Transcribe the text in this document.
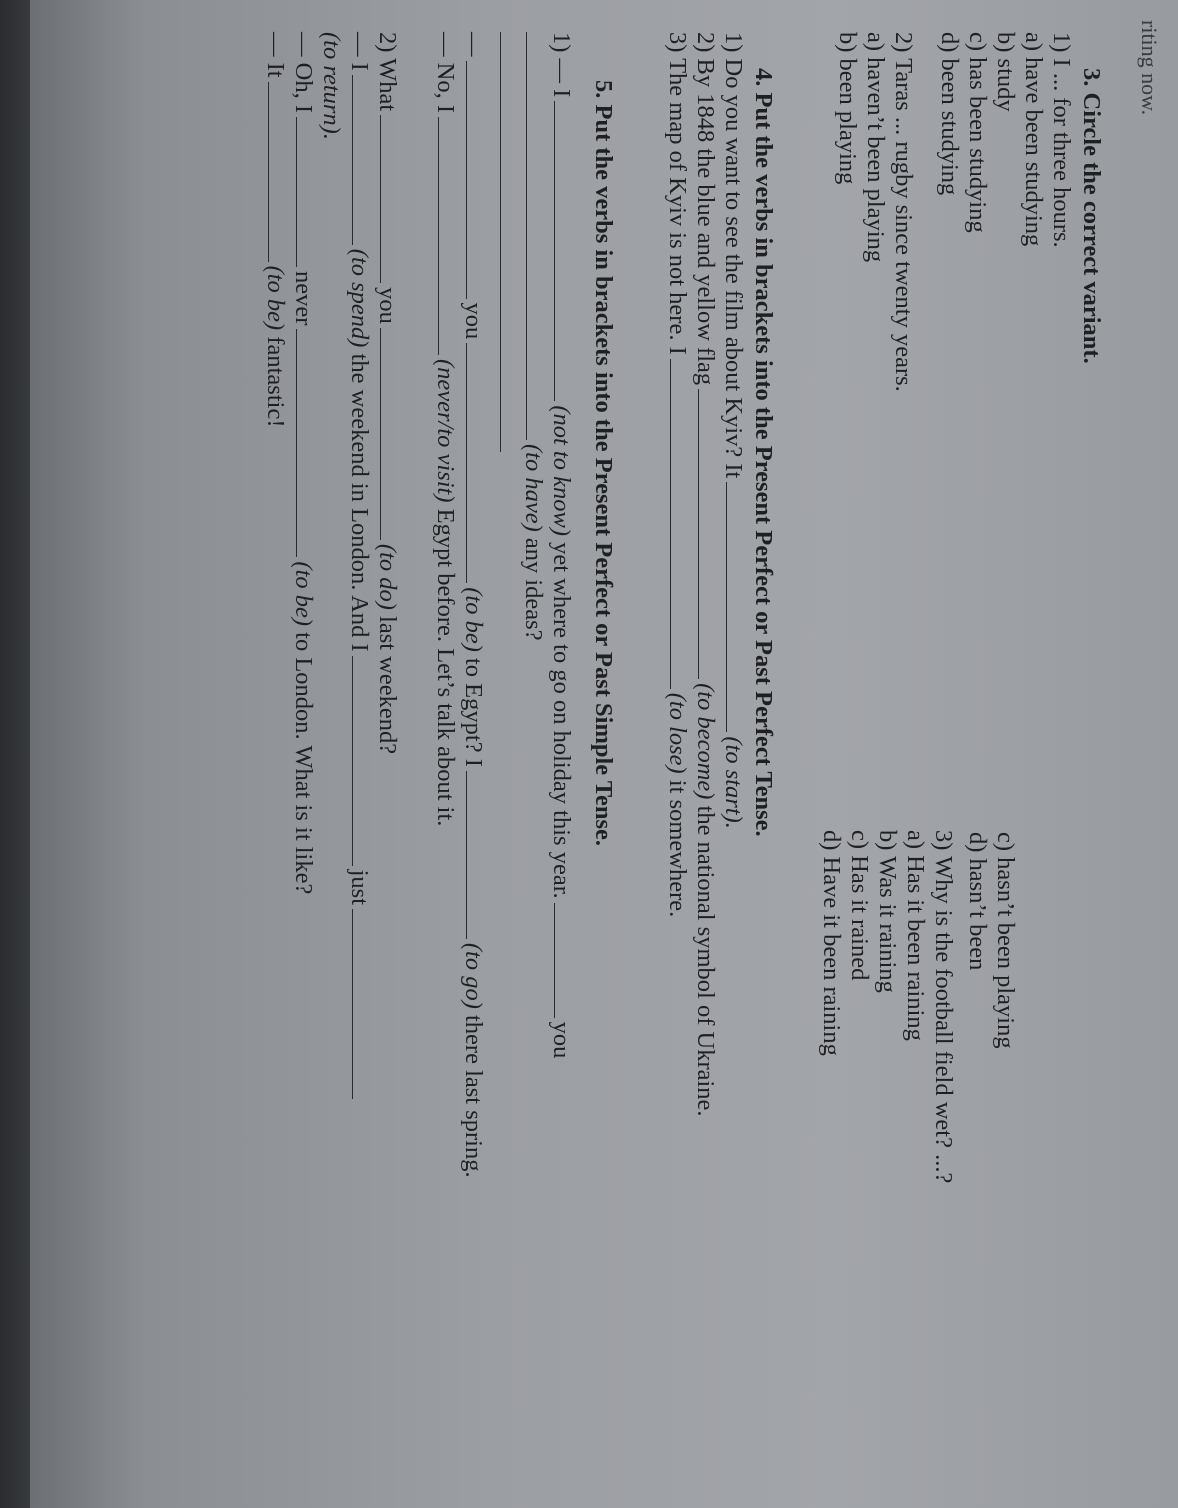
riting now.
3. Circle the correct variant.
1) I ... for three hours.
a) have been studying
b) study
c) has been studying
d) been studying
c) hasn’t been playing
d) hasn’t been
2) Taras ... rugby since twenty years.
a) haven’t been playing
b) been playing
3) Why is the football field wet? ...?
a) Has it been raining
b) Was it raining
c) Has it rained
d) Have it been raining
4. Put the verbs in brackets into the Present Perfect or Past Perfect Tense.
1) Do you want to see the film about Kyiv? It(to start).
2) By 1848 the blue and yellow flag(to become) the national symbol of Ukraine.
3) The map of Kyiv is not here. I(to lose) it somewhere.
5. Put the verbs in brackets into the Present Perfect or Past Simple Tense.
1) — I(not to know) yet where to go on holiday this year.you
(to have) any ideas?
—you(to be) to Egypt? I(to go) there last spring.
— No, I(never/to visit) Egypt before. Let’s talk about it.
2) Whatyou(to do) last weekend?
— I(to spend) the weekend in London. And Ijust
(to return).
— Oh, Inever(to be) to London. What is it like?
— It(to be) fantastic!
